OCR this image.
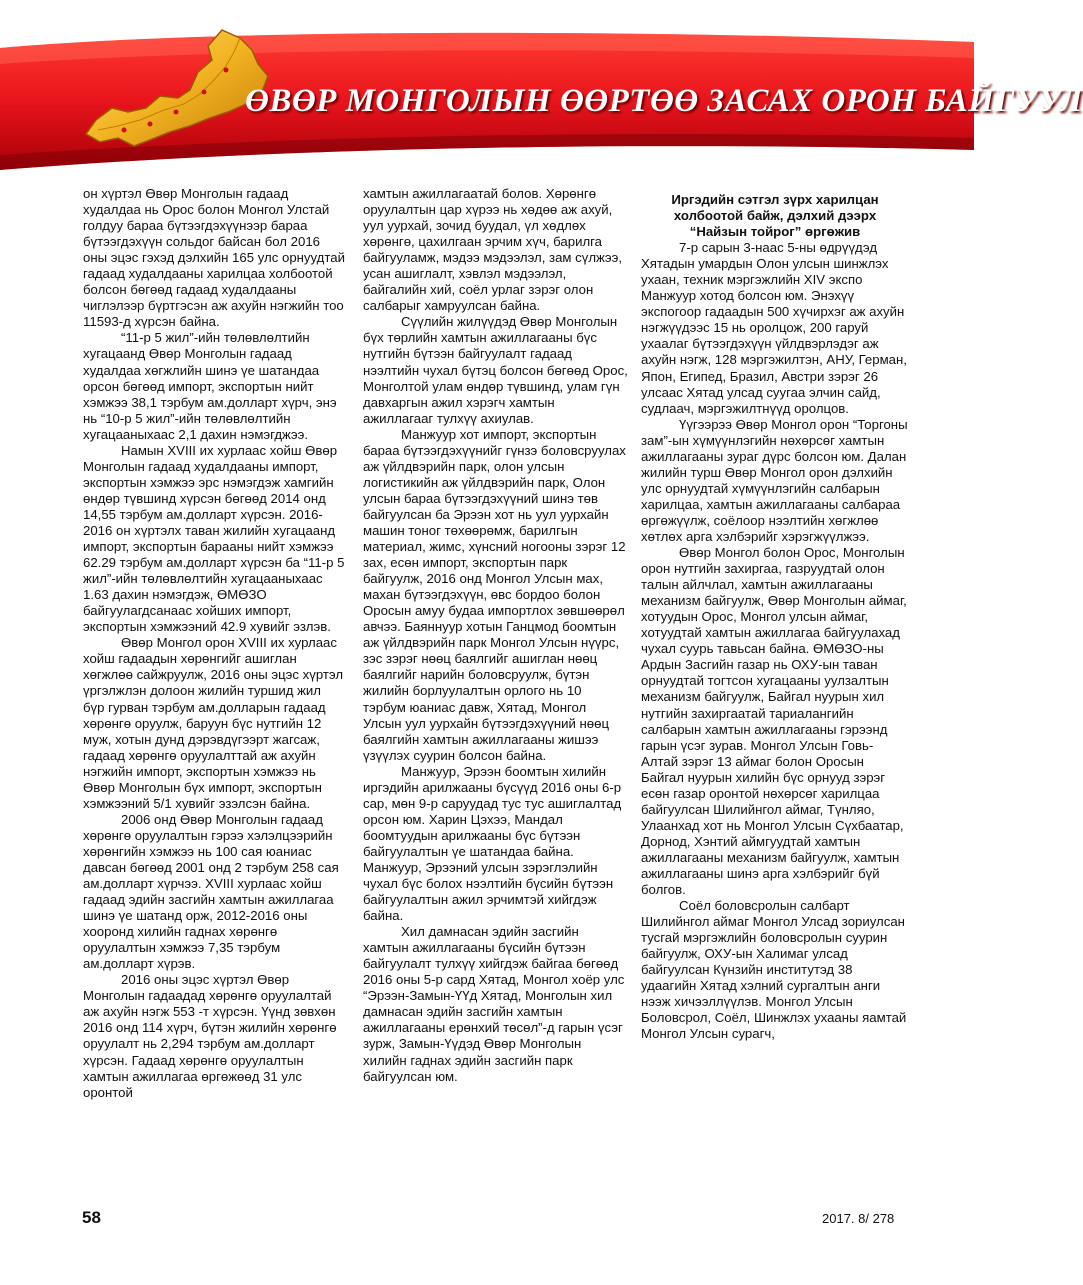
ӨВӨР МОНГОЛЫН ӨӨРТӨӨ ЗАСАХ ОРОН БАЙГУУЛ

он хүртэл Өвөр Монголын гадаад худалдаа нь Орос болон Монгол Улстай голдуу бараа бүтээгдэхүүнээр бараа бүтээгдэхүүн сольдог байсан бол 2016 оны эцэс гэхэд дэлхийн 165 улс орнуудтай гадаад худалдааны харилцаа холбоотой болсон бөгөөд гадаад худалдааны чиглэлээр бүртгэсэн аж ахуйн нэгжийн тоо 11593-д хүрсэн байна.

“11-р 5 жил”-ийн төлөвлөлтийн хугацаанд Өвөр Монголын гадаад худалдаа хөгжлийн шинэ үе шатандаа орсон бөгөөд импорт, экспортын нийт хэмжээ 38,1 тэрбум ам.долларт хүрч, энэ нь “10-р 5 жил”-ийн төлөвлөлтийн хугацааныхаас 2,1 дахин нэмэгджээ.

Намын XVIII их хурлаас хойш Өвөр Монголын гадаад худалдааны импорт, экспортын хэмжээ эрс нэмэгдэж хамгийн өндөр түвшинд хүрсэн бөгөөд 2014 онд 14,55 тэрбум ам.долларт хүрсэн. 2016-2016 он хүртэлх таван жилийн хугацаанд импорт, экспортын барааны нийт хэмжээ 62.29 тэрбум ам.долларт хүрсэн ба “11-р 5 жил”-ийн төлөвлөлтийн хугацааныхаас 1.63 дахин нэмэгдэж, ӨМӨЗО байгуулагдсанаас хойших импорт, экспортын хэмжээний 42.9 хувийг эзлэв.

Өвөр Монгол орон XVIII их хурлаас хойш гадаадын хөрөнгийг ашиглан хөгжлөө сайжруулж, 2016 оны эцэс хүртэл үргэлжлэн долоон жилийн туршид жил бүр гурван тэрбум ам.долларын гадаад хөрөнгө оруулж, баруун бүс нутгийн 12 муж, хотын дунд дэрэвдүгээрт жагсаж, гадаад хөрөнгө оруулалттай аж ахуйн нэгжийн импорт, экспортын хэмжээ нь Өвөр Монголын бүх импорт, экспортын хэмжээний 5/1 хувийг эзэлсэн байна.

2006 онд Өвөр Монголын гадаад хөрөнгө оруулалтын гэрээ хэлэлцээрийн хөрөнгийн хэмжээ нь 100 сая юаниас давсан бөгөөд 2001 онд 2 тэрбум 258 сая ам.долларт хүрчээ. XVIII хурлаас хойш гадаад эдийн засгийн хамтын ажиллагаа шинэ үе шатанд орж, 2012-2016 оны хооронд хилийн гаднах хөрөнгө оруулалтын хэмжээ 7,35 тэрбум ам.долларт хүрэв.

2016 оны эцэс хүртэл Өвөр Монголын гадаадад хөрөнгө оруулалтай аж ахуйн нэгж 553 -т хүрсэн. Үүнд зөвхөн 2016 онд 114 хүрч, бүтэн жилийн хөрөнгө оруулалт нь 2,294 тэрбум ам.долларт хүрсэн. Гадаад хөрөнгө оруулалтын хамтын ажиллагаа өргөжөөд 31 улс оронтой

хамтын ажиллагаатай болов. Хөрөнгө оруулалтын цар хүрээ нь хөдөө аж ахуй, уул уурхай, зочид буудал, үл хөдлөх хөрөнгө, цахилгаан эрчим хүч, барилга байгууламж, мэдээ мэдээлэл, зам сүлжээ, усан ашиглалт, хэвлэл мэдээлэл, байгалийн хий, соёл урлаг зэрэг олон салбарыг хамруулсан байна.

Сүүлийн жилүүдэд Өвөр Монголын бүх төрлийн хамтын ажиллагааны бүс нутгийн бүтээн байгуулалт гадаад нээлтийн чухал бүтэц болсон бөгөөд Орос, Монголтой улам өндөр түвшинд, улам гүн давхаргын ажил хэрэгч хамтын ажиллагааг тулхүү ахиулав.

Манжуур хот импорт, экспортын бараа бүтээгдэхүүнийг гүнзэ боловсруулах аж үйлдвэрийн парк, олон улсын логистикийн аж үйлдвэрийн парк, Олон улсын бараа бүтээгдэхүүний шинэ төв байгуулсан ба Эрээн хот нь уул уурхайн машин тоног төхөөрөмж, барилгын материал, жимс, хүнсний ногооны зэрэг 12 зах, есөн импорт, экспортын парк байгуулж, 2016 онд Монгол Улсын мах, махан бүтээгдэхүүн, өвс бордоо болон Оросын амуу будаа импортлох зөвшөөрөл авчээ. Баяннуур хотын Ганцмод боомтын аж үйлдвэрийн парк Монгол Улсын нүүрс, зэс зэрэг нөөц баялгийг ашиглан нөөц баялгийг нарийн боловсруулж, бүтэн жилийн борлуулалтын орлого нь 10 тэрбум юаниас давж, Хятад, Монгол Улсын уул уурхайн бүтээгдэхүүний нөөц баялгийн хамтын ажиллагааны жишээ үзүүлэх суурин болсон байна.

Манжуур, Эрээн боомтын хилийн иргэдийн арилжааны бүсүүд 2016 оны 6-р сар, мөн 9-р саруудад тус тус ашиглалтад орсон юм. Харин Цэхээ, Мандал боомтуудын арилжааны бүс бүтээн байгуулалтын үе шатандаа байна. Манжуур, Эрээний улсын зэрэглэлийн чухал бүс болох нээлтийн бүсийн бүтээн байгуулалтын ажил эрчимтэй хийгдэж байна.

Хил дамнасан эдийн засгийн хамтын ажиллагааны бүсийн бүтээн байгуулалт тулхүү хийгдэж байгаа бөгөөд 2016 оны 5-р сард Хятад, Монгол хоёр улс “Эрээн-Замын-ҮҮд Хятад, Монголын хил дамнасан эдийн засгийн хамтын ажиллагааны ерөнхий төсөл”-д гарын үсэг зурж, Замын-Үүдэд Өвөр Монголын хилийн гаднах эдийн засгийн парк байгуулсан юм.

Иргэдийн сэтгэл зүрх харилцан
холбоотой байж, дэлхий дээрх
“Найзын тойрог” өргөжив

7-р сарын 3-наас 5-ны өдрүүдэд Хятадын умардын Олон улсын шинжлэх ухаан, техник мэргэжлийн XIV экспо Манжуур хотод болсон юм. Энэхүү экспогоор гадаадын 500 хүчирхэг аж ахуйн нэгжүүдээс 15 нь оролцож, 200 гаруй ухаалаг бүтээгдэхүүн үйлдвэрлэдэг аж ахуйн нэгж, 128 мэргэжилтэн, АНУ, Герман, Япон, Египед, Бразил, Австри зэрэг 26 улсаас Хятад улсад суугаа элчин сайд, судлаач, мэргэжилтнүүд оролцов.

Үүгээрээ Өвөр Монгол орон “Торгоны зам”-ын хүмүүнлэгийн нөхөрсөг хамтын ажиллагааны зураг дүрс болсон юм. Далан жилийн турш Өвөр Монгол орон дэлхийн улс орнуудтай хүмүүнлэгийн салбарын харилцаа, хамтын ажиллагааны салбараа өргөжүүлж, соёлоор нээлтийн хөгжлөө хөтлөх арга хэлбэрийг хэрэгжүүлжээ.

Өвөр Монгол болон Орос, Монголын орон нутгийн захиргаа, газруудтай олон талын айлчлал, хамтын ажиллагааны механизм байгуулж, Өвөр Монголын аймаг, хотуудын Орос, Монгол улсын аймаг, хотуудтай хамтын ажиллагаа байгуулахад чухал суурь тавьсан байна. ӨМӨЗО-ны Ардын Засгийн газар нь ОХУ-ын таван орнуудтай тогтсон хугацааны уулзалтын механизм байгуулж, Байгал нуурын хил нутгийн захиргаатай тариалангийн салбарын хамтын ажиллагааны гэрээнд гарын үсэг зурав. Монгол Улсын Говь-Алтай зэрэг 13 аймаг болон Оросын Байгал нуурын хилийн бүс орнууд зэрэг есөн газар оронтой нөхөрсөг харилцаа байгуулсан Шилийнгол аймаг, Түнляо, Улаанхад хот нь Монгол Улсын Сүхбаатар, Дорнод, Хэнтий аймгуудтай хамтын ажиллагааны механизм байгуулж, хамтын ажиллагааны шинэ арга хэлбэрийг бүй болгов.

Соёл боловсролын салбарт Шилийнгол аймаг Монгол Улсад зориулсан тусгай мэргэжлийн боловсролын суурин байгуулж, ОХУ-ын Халимаг улсад байгуулсан Күнзийн институтэд 38 удаагийн Хятад хэлний сургалтын анги нээж хичээллүүлэв. Монгол Улсын Боловсрол, Соёл, Шинжлэх ухааны яамтай Монгол Улсын сурагч,

58	2017. 8/ 278
